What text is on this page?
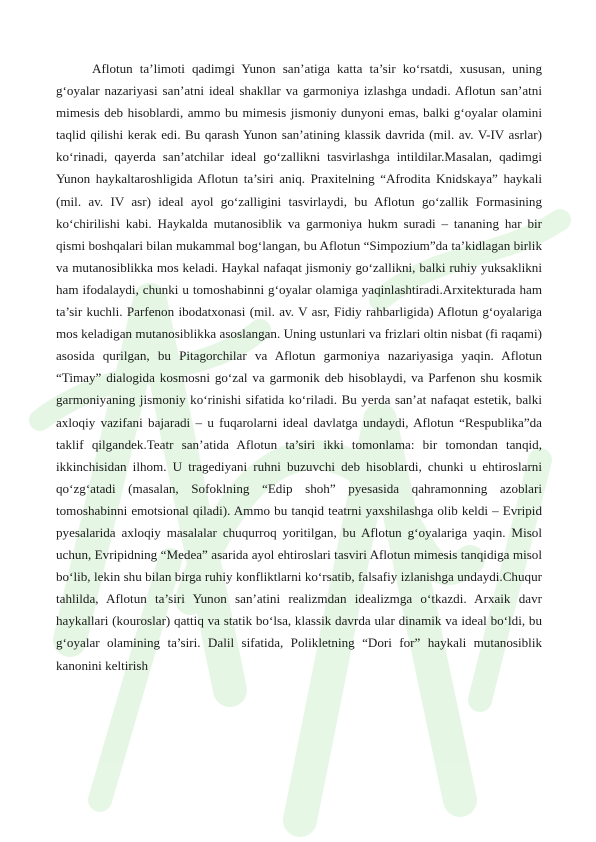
Aflotun ta’limoti qadimgi Yunon san’atiga katta ta’sir ko‘rsatdi, xususan, uning g‘oyalar nazariyasi san’atni ideal shakllar va garmoniya izlashga undadi. Aflotun san’atni mimesis deb hisoblardi, ammo bu mimesis jismoniy dunyoni emas, balki g‘oyalar olamini taqlid qilishi kerak edi. Bu qarash Yunon san’atining klassik davrida (mil. av. V-IV asrlar) ko‘rinadi, qayerda san’atchilar ideal go‘zallikni tasvirlashga intildilar.Masalan, qadimgi Yunon haykaltaroshligida Aflotun ta’siri aniq. Praxitelning “Afrodita Knidskaya” haykali (mil. av. IV asr) ideal ayol go‘zalligini tasvirlaydi, bu Aflotun go‘zallik Formasining ko‘chirilishi kabi. Haykalda mutanosiblik va garmoniya hukm suradi – tananing har bir qismi boshqalari bilan mukammal bog‘langan, bu Aflotun “Simpozium”da ta’kidlagan birlik va mutanosiblikka mos keladi. Haykal nafaqat jismoniy go‘zallikni, balki ruhiy yuksaklikni ham ifodalaydi, chunki u tomoshabinni g‘oyalar olamiga yaqinlashtiradi.Arxitekturada ham ta’sir kuchli. Parfenon ibodatxonasi (mil. av. V asr, Fidiy rahbarligida) Aflotun g‘oyalariga mos keladigan mutanosiblikka asoslangan. Uning ustunlari va frizlari oltin nisbat (fi raqami) asosida qurilgan, bu Pitagorchilar va Aflotun garmoniya nazariyasiga yaqin. Aflotun “Timay” dialogida kosmosni go‘zal va garmonik deb hisoblaydi, va Parfenon shu kosmik garmoniyaning jismoniy ko‘rinishi sifatida ko‘riladi. Bu yerda san’at nafaqat estetik, balki axloqiy vazifani bajaradi – u fuqarolarni ideal davlatga undaydi, Aflotun “Respublika”da taklif qilgandek.Teatr san’atida Aflotun ta’siri ikki tomonlama: bir tomondan tanqid, ikkinchisidan ilhom. U tragediyani ruhni buzuvchi deb hisoblardi, chunki u ehtiroslarni qo‘zg‘atadi (masalan, Sofoklning “Edip shoh” pyesasida qahramonning azoblari tomoshabinni emotsional qiladi). Ammo bu tanqid teatrni yaxshilashga olib keldi – Evripid pyesalarida axloqiy masalalar chuqurroq yoritilgan, bu Aflotun g‘oyalariga yaqin. Misol uchun, Evripidning “Medea” asarida ayol ehtiroslari tasviri Aflotun mimesis tanqidiga misol bo‘lib, lekin shu bilan birga ruhiy konfliktlarni ko‘rsatib, falsafiy izlanishga undaydi.Chuqur tahlilda, Aflotun ta’siri Yunon san’atini realizmdan idealizmga o‘tkazdi. Arxaik davr haykallari (kouroslar) qattiq va statik bo‘lsa, klassik davrda ular dinamik va ideal bo‘ldi, bu g‘oyalar olamining ta’siri. Dalil sifatida, Polikletning “Dori for” haykali mutanosiblik kanonini keltirish
